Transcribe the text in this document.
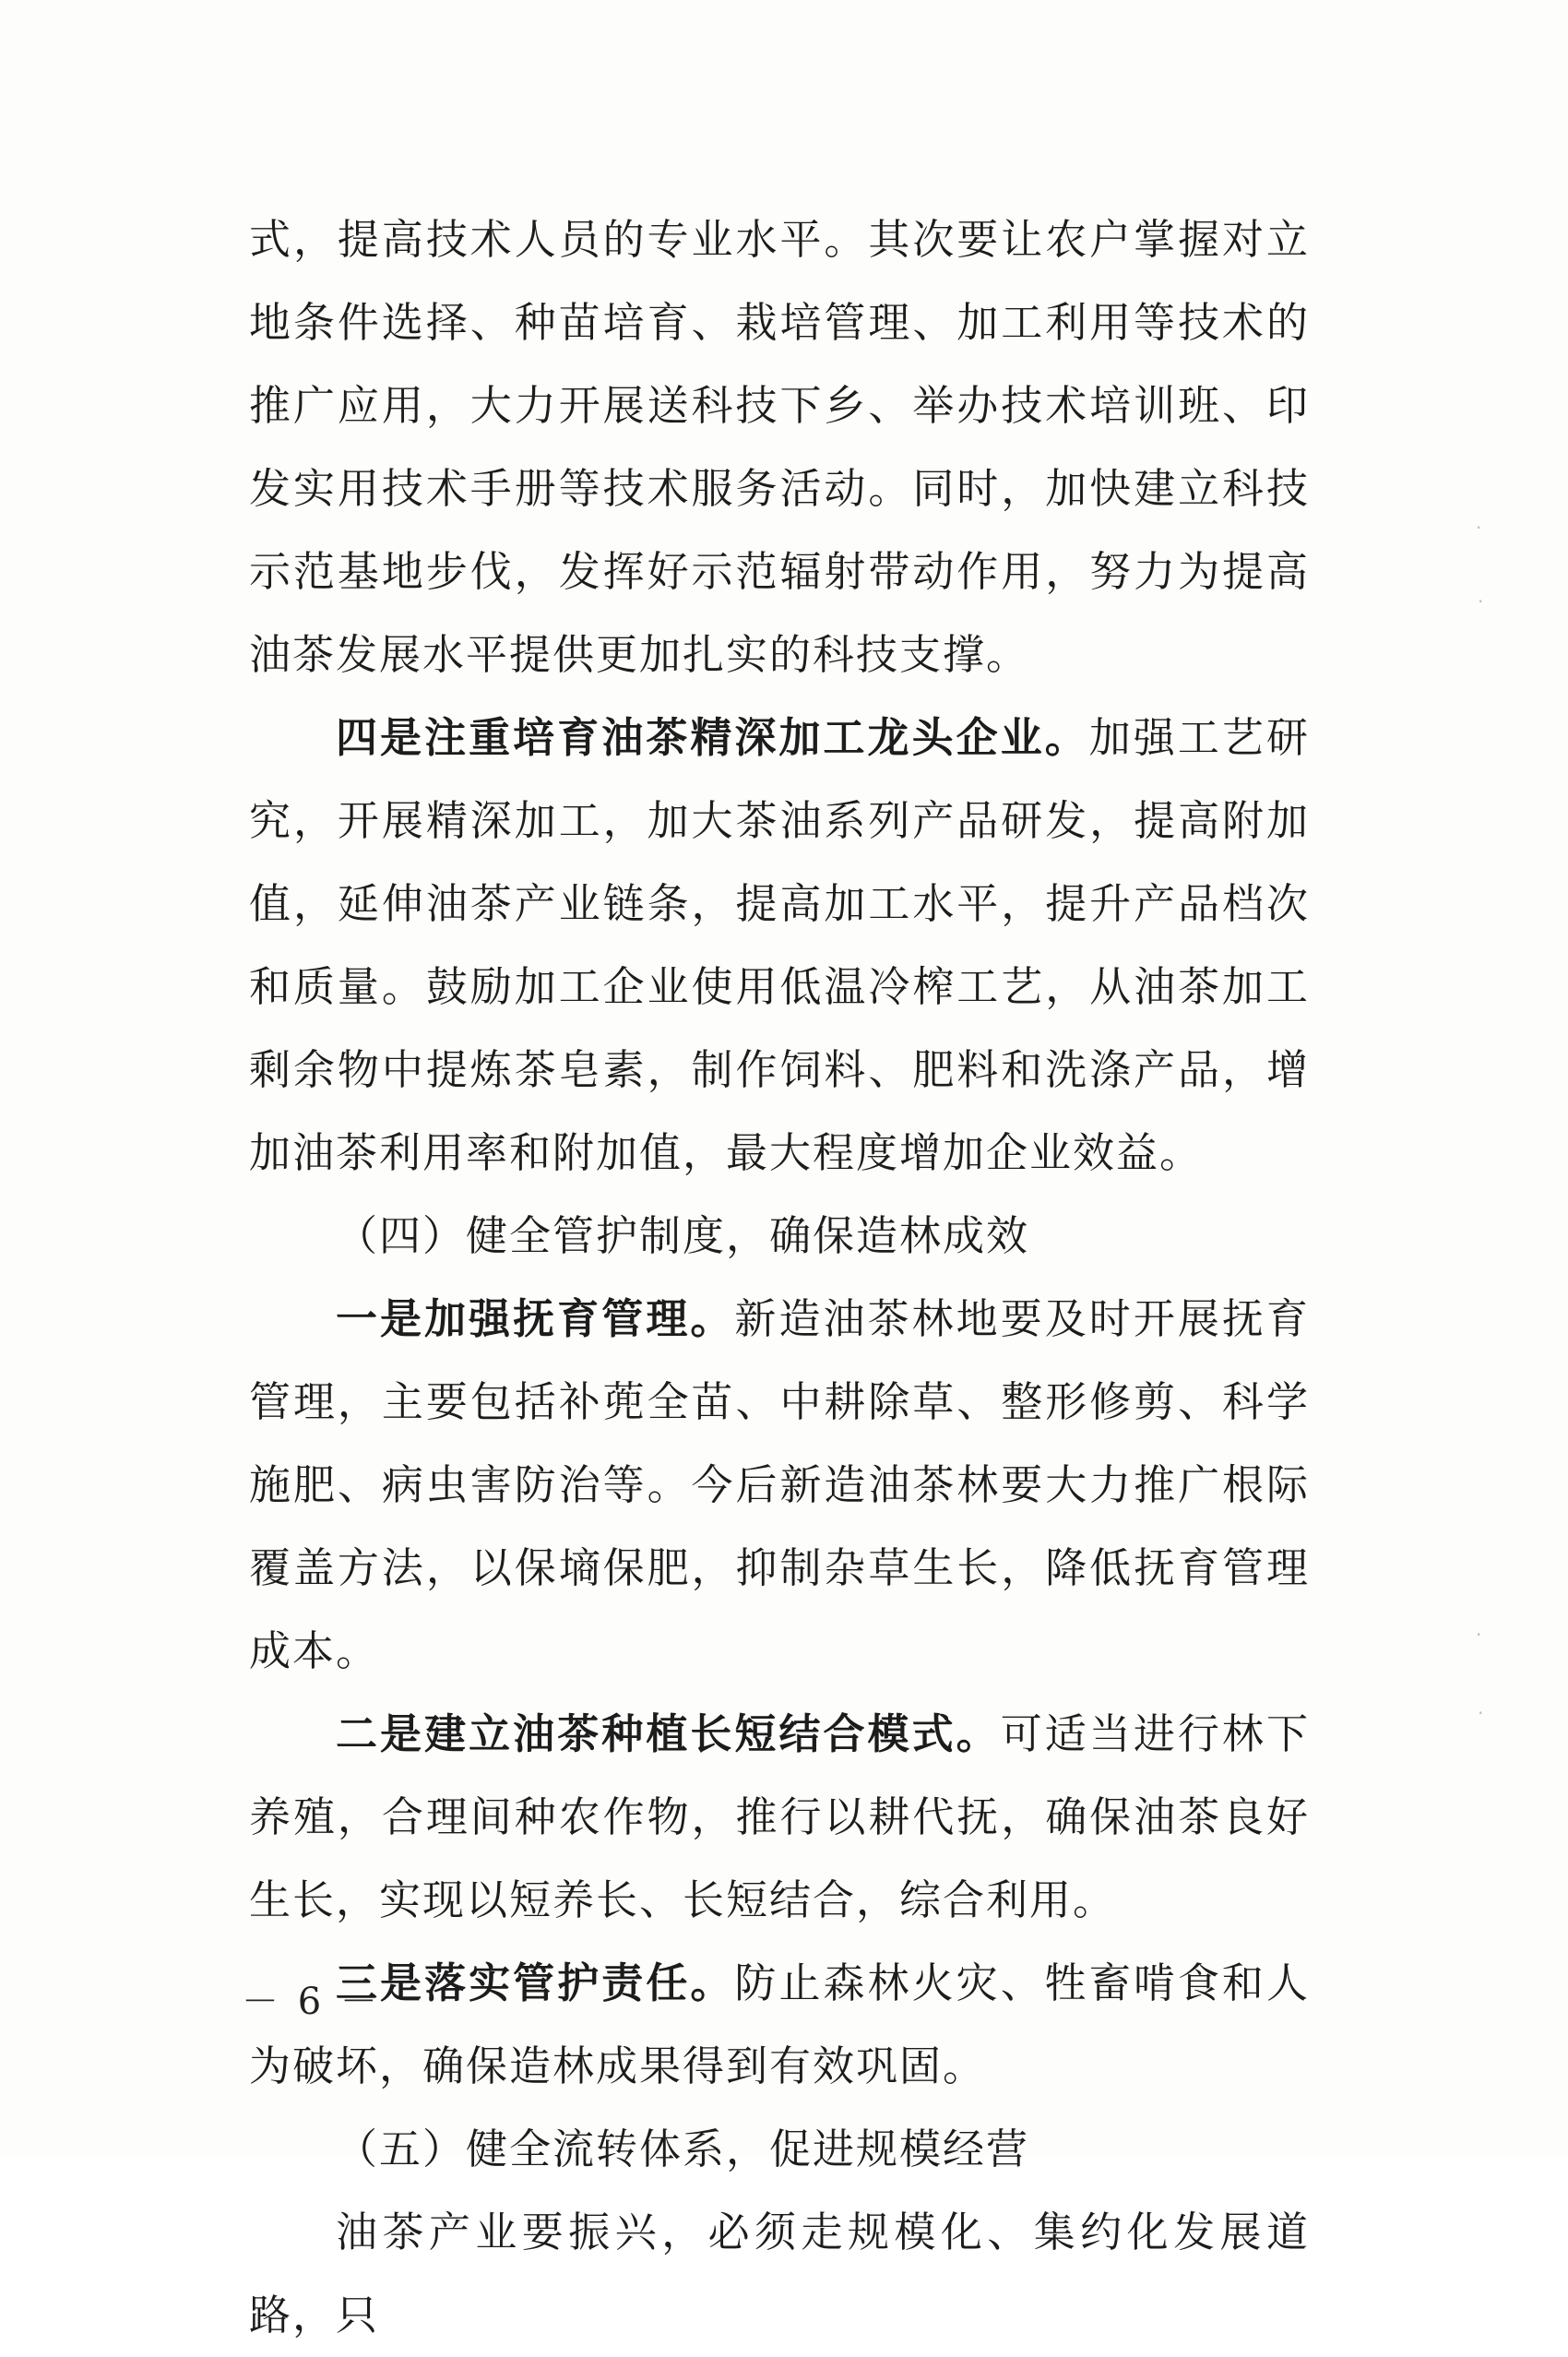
式，提高技术人员的专业水平。其次要让农户掌握对立地条件选择、种苗培育、栽培管理、加工利用等技术的推广应用，大力开展送科技下乡、举办技术培训班、印发实用技术手册等技术服务活动。同时，加快建立科技示范基地步伐，发挥好示范辐射带动作用，努力为提高油茶发展水平提供更加扎实的科技支撑。

四是注重培育油茶精深加工龙头企业。加强工艺研究，开展精深加工，加大茶油系列产品研发，提高附加值，延伸油茶产业链条，提高加工水平，提升产品档次和质量。鼓励加工企业使用低温冷榨工艺，从油茶加工剩余物中提炼茶皂素，制作饲料、肥料和洗涤产品，增加油茶利用率和附加值，最大程度增加企业效益。

（四）健全管护制度，确保造林成效

一是加强抚育管理。新造油茶林地要及时开展抚育管理，主要包括补蔸全苗、中耕除草、整形修剪、科学施肥、病虫害防治等。今后新造油茶林要大力推广根际覆盖方法，以保墒保肥，抑制杂草生长，降低抚育管理成本。

二是建立油茶种植长短结合模式。可适当进行林下养殖，合理间种农作物，推行以耕代抚，确保油茶良好生长，实现以短养长、长短结合，综合利用。

三是落实管护责任。防止森林火灾、牲畜啃食和人为破坏，确保造林成果得到有效巩固。

（五）健全流转体系，促进规模经营

油茶产业要振兴，必须走规模化、集约化发展道路，只

－ 6 －
·
·
·
·
